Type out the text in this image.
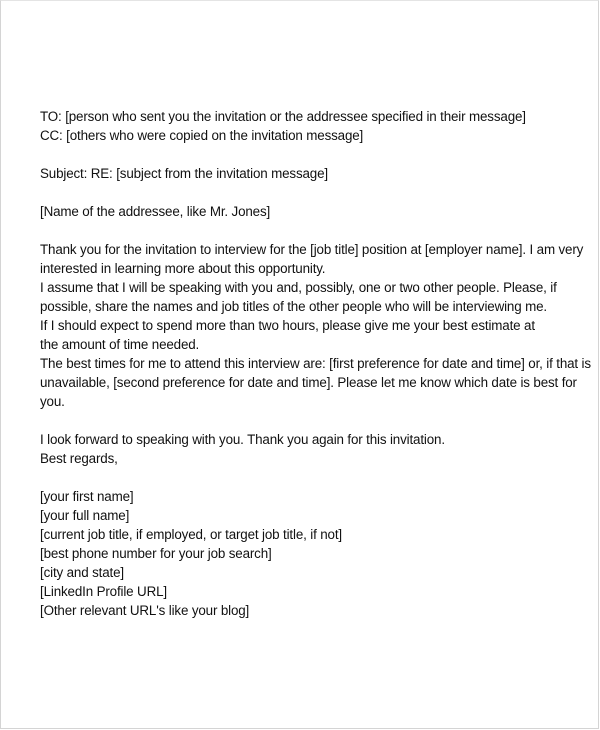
TO: [person who sent you the invitation or the addressee specified in their message]
CC: [others who were copied on the invitation message]
Subject: RE: [subject from the invitation message]
[Name of the addressee, like Mr. Jones]
Thank you for the invitation to interview for the [job title] position at [employer name]. I am very
interested in learning more about this opportunity.
I assume that I will be speaking with you and, possibly, one or two other people. Please, if
possible, share the names and job titles of the other people who will be interviewing me.
If I should expect to spend more than two hours, please give me your best estimate at
the amount of time needed.
The best times for me to attend this interview are: [first preference for date and time] or, if that is
unavailable, [second preference for date and time]. Please let me know which date is best for
you.
I look forward to speaking with you. Thank you again for this invitation.
Best regards,
[your first name]
[your full name]
[current job title, if employed, or target job title, if not]
[best phone number for your job search]
[city and state]
[LinkedIn Profile URL]
[Other relevant URL's like your blog]
